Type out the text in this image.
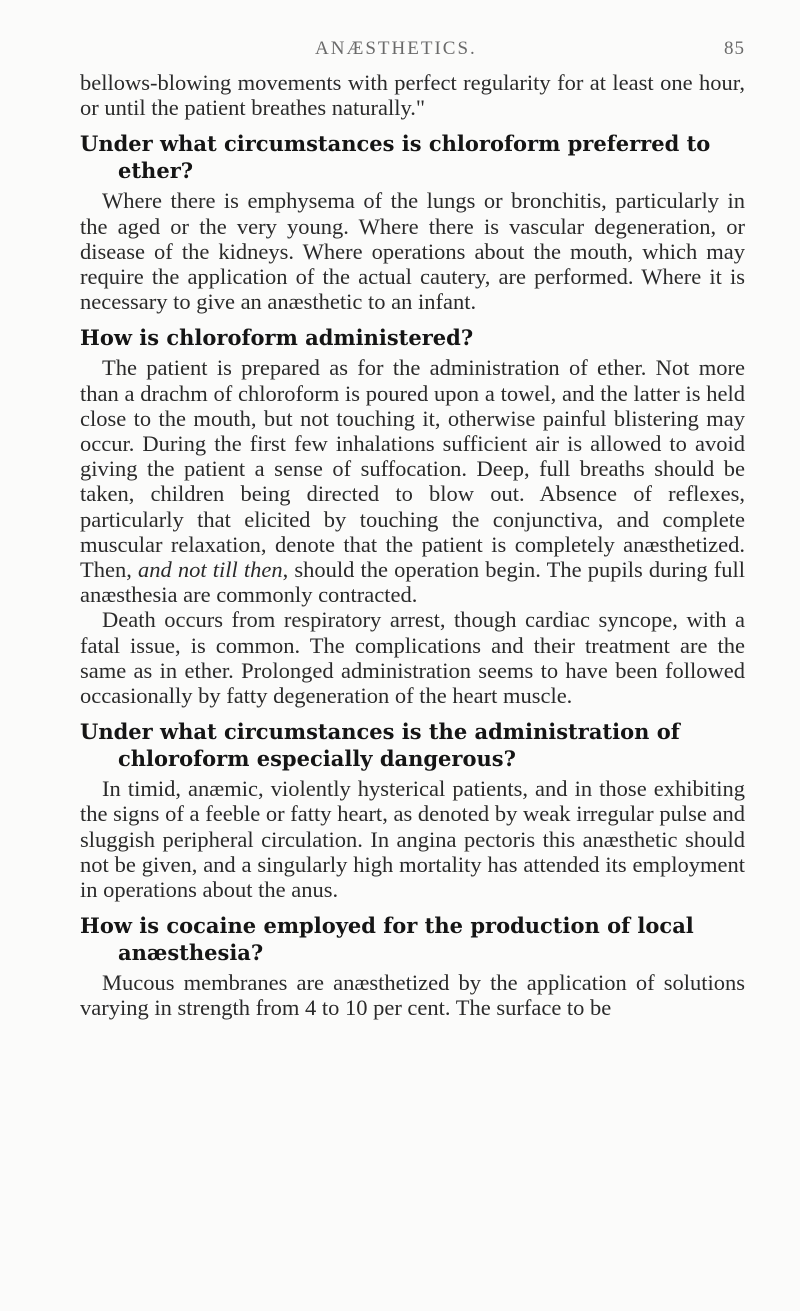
ANÆSTHETICS.	85

bellows-blowing movements with perfect regularity for at least one hour, or until the patient breathes naturally."

Under what circumstances is chloroform preferred to ether?

Where there is emphysema of the lungs or bronchitis, particularly in the aged or the very young. Where there is vascular degeneration, or disease of the kidneys. Where operations about the mouth, which may require the application of the actual cautery, are performed. Where it is necessary to give an anæsthetic to an infant.

How is chloroform administered?

The patient is prepared as for the administration of ether. Not more than a drachm of chloroform is poured upon a towel, and the latter is held close to the mouth, but not touching it, otherwise painful blistering may occur. During the first few inhalations sufficient air is allowed to avoid giving the patient a sense of suffocation. Deep, full breaths should be taken, children being directed to blow out. Absence of reflexes, particularly that elicited by touching the conjunctiva, and complete muscular relaxation, denote that the patient is completely anæsthetized. Then, and not till then, should the operation begin. The pupils during full anæsthesia are commonly contracted.

Death occurs from respiratory arrest, though cardiac syncope, with a fatal issue, is common. The complications and their treatment are the same as in ether. Prolonged administration seems to have been followed occasionally by fatty degeneration of the heart muscle.

Under what circumstances is the administration of chloroform especially dangerous?

In timid, anæmic, violently hysterical patients, and in those exhibiting the signs of a feeble or fatty heart, as denoted by weak irregular pulse and sluggish peripheral circulation. In angina pectoris this anæsthetic should not be given, and a singularly high mortality has attended its employment in operations about the anus.

How is cocaine employed for the production of local anæsthesia?

Mucous membranes are anæsthetized by the application of solutions varying in strength from 4 to 10 per cent. The surface to be
